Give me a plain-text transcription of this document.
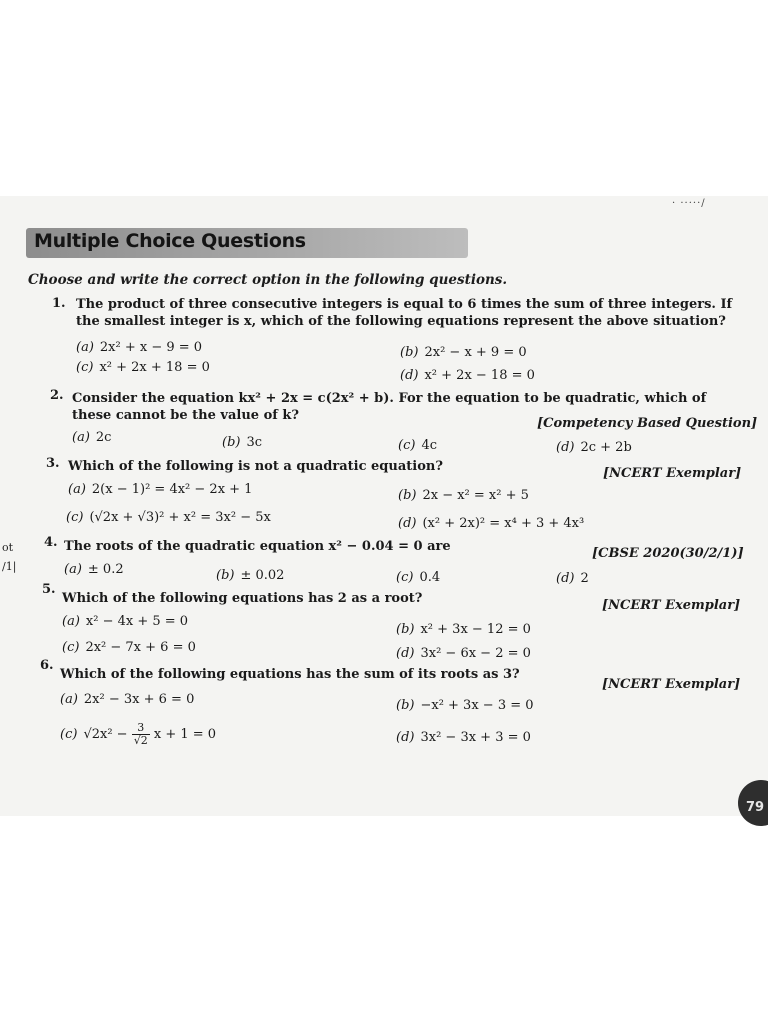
· ·····/
Multiple Choice Questions
Choose and write the correct option in the following questions.
ot
/1|
1. The product of three consecutive integers is equal to 6 times the sum of three integers. If the smallest integer is x, which of the following equations represent the above situation?
(a) 2x² + x − 9 = 0	(b) 2x² − x + 9 = 0
(c) x² + 2x + 18 = 0
(d) x² + 2x − 18 = 0
2. Consider the equation kx² + 2x = c(2x² + b). For the equation to be quadratic, which of these cannot be the value of k?
[Competency Based Question]
(a) 2c	(b) 3c	(c) 4c	(d) 2c + 2b
3. Which of the following is not a quadratic equation?	[NCERT Exemplar]
(a) 2(x − 1)² = 4x² − 2x + 1	(b) 2x − x² = x² + 5
(c) (√2x + √3)² + x² = 3x² − 5x	(d) (x² + 2x)² = x⁴ + 3 + 4x³
4. The roots of the quadratic equation x² − 0.04 = 0 are	[CBSE 2020(30/2/1)]
(a) ± 0.2	(b) ± 0.02	(c) 0.4	(d) 2
5.
Which of the following equations has 2 as a root?	[NCERT Exemplar]
(a) x² − 4x + 5 = 0
(b) x² + 3x − 12 = 0
(c) 2x² − 7x + 6 = 0	(d) 3x² − 6x − 2 = 0
6.
Which of the following equations has the sum of its roots as 3?
[NCERT Exemplar]
(a) 2x² − 3x + 6 = 0	(b) −x² + 3x − 3 = 0
(c) $√2x^2 - \frac{3}{√2}$ x + 1 = 0	(d) 3x² − 3x + 3 = 0
79
